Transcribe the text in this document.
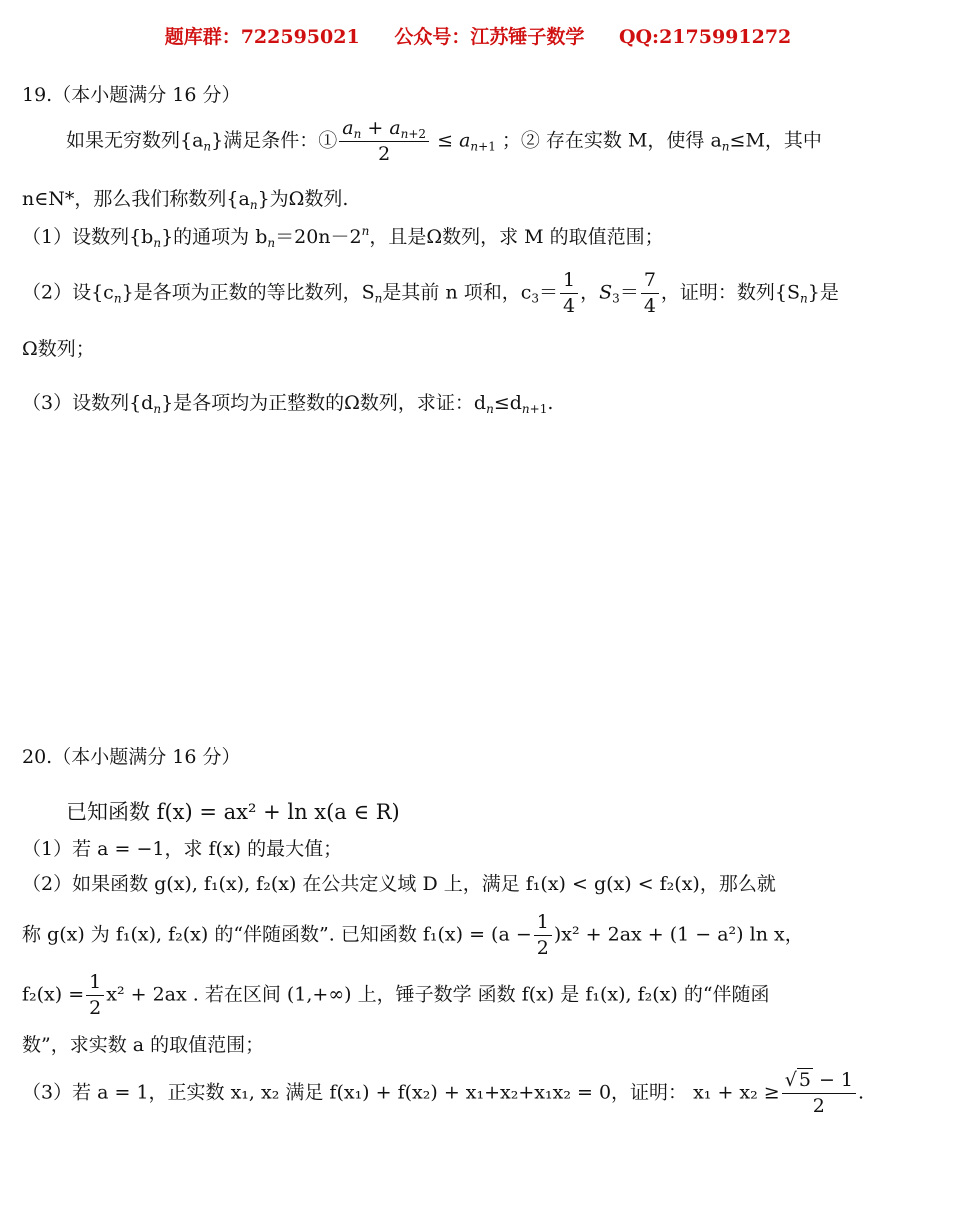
题库群：722595021 公众号：江苏锤子数学 QQ:2175991272
19.（本小题满分 16 分）
如果无穷数列$\{a_n\}$满足条件：① $\frac{a_n + a_{n+2}}{2} \le a_{n+1}$ ；② 存在实数 M，使得 $a_n\le M$，其中
n∈N*，那么我们称数列$\{a_n\}$为Ω数列.
（1）设数列$\{b_n\}$的通项为 $b_n=20n-2^n$，且是Ω数列，求 M 的取值范围；
（2）设$\{c_n\}$是各项为正数的等比数列，$S_n$是其前 n 项和，$c_3= \frac{1}{4}$ ，$S_3= \frac{7}{4}$ ，证明：数列$\{S_n\}$是
Ω数列；
（3）设数列$\{d_n\}$是各项均为正整数的Ω数列，求证：$d_n\le d_{n+1}$.
20.（本小题满分 16 分）
已知函数 f(x) = ax² + ln x(a ∈ R)
（1）若 a = −1，求 f(x) 的最大值；
（2）如果函数 g(x), f₁(x), f₂(x) 在公共定义域 D 上，满足 f₁(x) < g(x) < f₂(x)，那么就
称 g(x) 为 f₁(x), f₂(x) 的“伴随函数”. 已知函数 $f_1(x) = (a - \frac{1}{2} )x^2 + 2ax + (1 - a^2)$ ln x，
$f_2(x) = \frac{1}{2} x^2 + 2ax$ . 若在区间 (1,+∞) 上，锤子数学 函数 f(x) 是 f₁(x), f₂(x) 的“伴随函
数”，求实数 a 的取值范围；
（3）若 a = 1，正实数 x₁, x₂ 满足 f(x₁) + f(x₂) + x₁+x₂+x₁x₂ = 0，证明： $x_1 + x_2 \ge \frac{√ 5 - 1}{2}$ .
